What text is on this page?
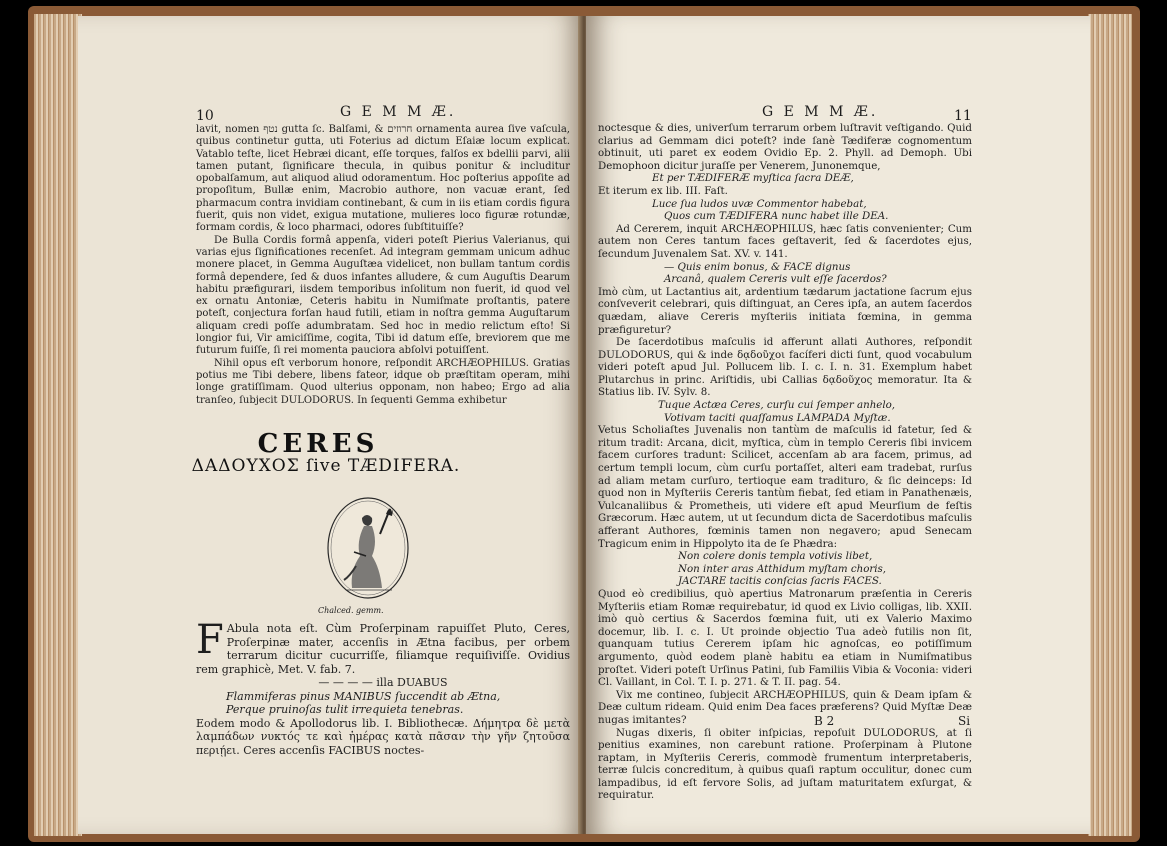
10	G E M M Æ.

lavit, nomen נטף gutta ſc. Balſami, & חרוזים ornamenta aurea ſive vaſcula, quibus continetur gutta, uti Foterius ad dictum Eſaiæ locum explicat. Vatablo teſte, licet Hebræi dicant, eſſe torques, falſos ex bdellii parvi, alii tamen putant, ſignificare thecula, in quibus ponitur & includitur opobalſamum, aut aliquod aliud odoramentum. Hoc poſterius appoſite ad propoſitum, Bullæ enim, Macrobio authore, non vacuæ erant, ſed pharmacum contra invidiam continebant, & cum in iis etiam cordis figura fuerit, quis non videt, exigua mutatione, mulieres loco figuræ rotundæ, formam cordis, & loco pharmaci, odores ſubſtituiſſe?

De Bulla Cordis formâ appenſa, videri poteſt Pierius Valerianus, qui varias ejus ſignificationes recenſet. Ad integram gemmam unicum adhuc monere placet, in Gemma Auguſtæa videlicet, non bullam tantum cordis formâ dependere, ſed & duos infantes alludere, & cum Auguſtis Dearum habitu præfigurari, iisdem temporibus inſolitum non fuerit, id quod vel ex ornatu Antoniæ, Ceteris habitu in Numiſmate proſtantis, patere poteſt, conjectura forſan haud futili, etiam in noſtra gemma Auguſtarum aliquam credi poſſe adumbratam. Sed hoc in medio relictum eſto! Si longior fui, Vir amiciſſime, cogita, Tibi id datum eſſe, breviorem que me futurum fuiſſe, ſi rei momenta pauciora abſolvi potuiſſent.

Nihil opus eſt verborum honore, reſpondit ARCHÆOPHILUS. Gratias potius me Tibi debere, libens fateor, idque ob præſtitam operam, mihi longe gratiſſimam. Quod ulterius opponam, non habeo; Ergo ad alia tranſeo, ſubjecit DULODORUS. In ſequenti Gemma exhibetur

CERES
ΔΑΔΟΥΧΟΣ ſive TÆDIFERA.
Chalced. gemm.

F Abula nota eſt. Cùm Proſerpinam rapuiſſet Pluto, Ceres, Proſerpinæ mater, accenſis in Ætna facibus, per orbem terrarum dicitur cucurriſſe, filiamque requiſiviſſe. Ovidius rem graphicè, Met. V. fab. 7.

— — — — illa DUABUS

Flammiferas pinus MANIBUS ſuccendit ab Ætna,

Perque pruinoſas tulit irrequieta tenebras.

Eodem modo & Apollodorus lib. I. Bibliothecæ. Δήμητρα δὲ μετὰ λαμπάδων νυκτός τε καὶ ἡμέρας κατὰ πᾶσαν τὴν γῆν ζητοῦσα περιῄει. Ceres accenſis FACIBUS noctes-

G E M M Æ.	11

noctesque & dies, univerſum terrarum orbem luſtravit veſtigando. Quid clarius ad Gemmam dici poteſt? inde ſanè Tædiferæ cognomentum obtinuit, uti paret ex eodem Ovidio Ep. 2. Phyll. ad Demoph. Ubi Demophoon dicitur juraſſe per Venerem, Junonemque,

Et per TÆDIFERÆ myſtica ſacra DEÆ,

Et iterum ex lib. III. Faſt.

Luce ſua ludos uvæ Commentor habebat,

Quos cum TÆDIFERA nunc habet ille DEA.

Ad Cererem, inquit ARCHÆOPHILUS, hæc ſatis convenienter; Cum autem non Ceres tantum faces geſtaverit, ſed & ſacerdotes ejus, ſecundum Juvenalem Sat. XV. v. 141.

— Quis enim bonus, & FACE dignus

Arcanâ, qualem Cereris vult eſſe ſacerdos?

Imò cùm, ut Lactantius ait, ardentium tædarum jactatione ſacrum ejus conſveverit celebrari, quis diſtinguat, an Ceres ipſa, an autem ſacerdos quædam, aliave Cereris myſteriis initiata fœmina, in gemma præfiguretur?

De ſacerdotibus maſculis id afferunt allati Authores, reſpondit DULODORUS, qui & inde δᾳδοῦχοι facíferi dicti ſunt, quod vocabulum videri poteſt apud Jul. Pollucem lib. I. c. I. n. 31. Exemplum habet Plutarchus in princ. Ariſtidis, ubi Callias δᾳδοῦχος memoratur. Ita & Statius lib. IV. Sylv. 8.

Tuque Actæa Ceres, curſu cui ſemper anhelo,

Votivam taciti quaſſamus LAMPADA Myſtæ.

Vetus Scholiaſtes Juvenalis non tantùm de maſculis id fatetur, ſed & ritum tradit: Arcana, dicit, myſtica, cùm in templo Cereris ſibi invicem facem curſores tradunt: Scilicet, accenſam ab ara facem, primus, ad certum templi locum, cùm curſu portaſſet, alteri eam tradebat, rurſus ad aliam metam curſuro, tertioque eam traditurо, & ſic deinceps: Id quod non in Myſteriis Cereris tantùm fiebat, ſed etiam in Panathenæis, Vulcanaliibus & Prometheis, uti videre eſt apud Meurſium de feſtis Græcorum. Hæc autem, ut ut ſecundum dicta de Sacerdotibus maſculis afferant Authores, fœminis tamen non negavero; apud Senecam Tragicum enim in Hippolyto ita de ſe Phædra:

Non colere donis templa votivis libet,

Non inter aras Atthidum myſtam choris,

JACTARE tacitis conſcias ſacris FACES.

Quod eò credibilius, quò apertius Matronarum præſentia in Cereris Myſteriis etiam Romæ requirebatur, id quod ex Livio colligas, lib. XXII. imò quò certius & Sacerdos fœmina fuit, uti ex Valerio Maximo docemur, lib. I. c. I. Ut proinde objectio Tua adeò futilis non ſit, quanquam tutius Cererem ipſam hic agnoſcas, eo potiſſimum argumento, quòd eodem planè habitu ea etiam in Numiſmatibus proſtet. Videri poteſt Urſinus Patini, ſub Familiis Vibia & Voconia: videri Cl. Vaillant, in Col. T. I. p. 271. & T. II. pag. 54.

Vix me contineo, ſubjecit ARCHÆOPHILUS, quin & Deam ipſam & Deæ cultum rideam. Quid enim Dea faces præferens? Quid Myſtæ Deæ nugas imitantes?

Nugas dixeris, ſi obiter inſpicias, repoſuit DULODORUS, at ſi penitius examines, non carebunt ratione. Proſerpinam à Plutone raptam, in Myſteriis Cereris, commodè frumentum interpretaberis, terræ ſulcis concreditum, à quibus quaſi raptum occulitur, donec cum lampadibus, id eſt fervore Solis, ad juſtam maturitatem exſurgat, & requiratur.

B 2	Si
